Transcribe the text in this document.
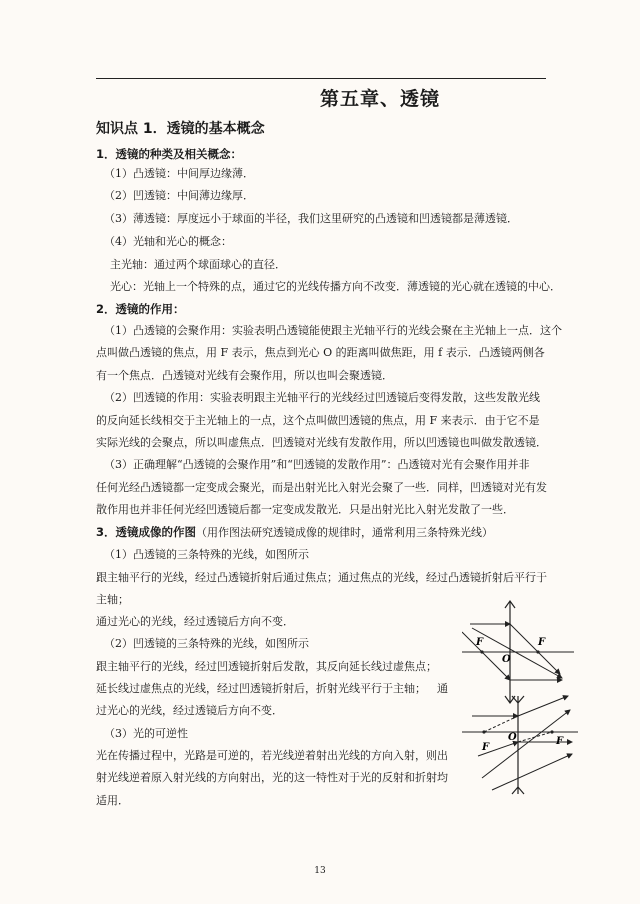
第五章、透镜
知识点 1．透镜的基本概念
1．透镜的种类及相关概念：
（1）凸透镜：中间厚边缘薄．
（2）凹透镜：中间薄边缘厚．
（3）薄透镜：厚度远小于球面的半径，我们这里研究的凸透镜和凹透镜都是薄透镜．
（4）光轴和光心的概念：
主光轴：通过两个球面球心的直径．
光心：光轴上一个特殊的点，通过它的光线传播方向不改变．薄透镜的光心就在透镜的中心．
2．透镜的作用：
（1）凸透镜的会聚作用：实验表明凸透镜能使跟主光轴平行的光线会聚在主光轴上一点．这个
点叫做凸透镜的焦点，用 F 表示，焦点到光心 O 的距离叫做焦距，用 f 表示．凸透镜两侧各
有一个焦点．凸透镜对光线有会聚作用，所以也叫会聚透镜．
（2）凹透镜的作用：实验表明跟主光轴平行的光线经过凹透镜后变得发散，这些发散光线
的反向延长线相交于主光轴上的一点，这个点叫做凹透镜的焦点，用 F 来表示．由于它不是
实际光线的会聚点，所以叫虚焦点．凹透镜对光线有发散作用，所以凹透镜也叫做发散透镜．
（3）正确理解“凸透镜的会聚作用”和“凹透镜的发散作用”：凸透镜对光有会聚作用并非
任何光经凸透镜都一定变成会聚光，而是出射光比入射光会聚了一些．同样，凹透镜对光有发
散作用也并非任何光经凹透镜后都一定变成发散光．只是出射光比入射光发散了一些．
3．透镜成像的作图（用作图法研究透镜成像的规律时，通常利用三条特殊光线）
（1）凸透镜的三条特殊的光线，如图所示
跟主轴平行的光线，经过凸透镜折射后通过焦点；通过焦点的光线，经过凸透镜折射后平行于
主轴；
通过光心的光线，经过透镜后方向不变．
（2）凹透镜的三条特殊的光线，如图所示
跟主轴平行的光线，经过凹透镜折射后发散，其反向延长线过虚焦点；
延长线过虚焦点的光线，经过凹透镜折射后，折射光线平行于主轴； 通
过光心的光线，经过透镜后方向不变．
（3）光的可逆性
光在传播过程中，光路是可逆的，若光线逆着射出光线的方向入射，则出
射光线逆着原入射光线的方向射出，光的这一特性对于光的反射和折射均
适用．
F	F
O
F
F
O
13
